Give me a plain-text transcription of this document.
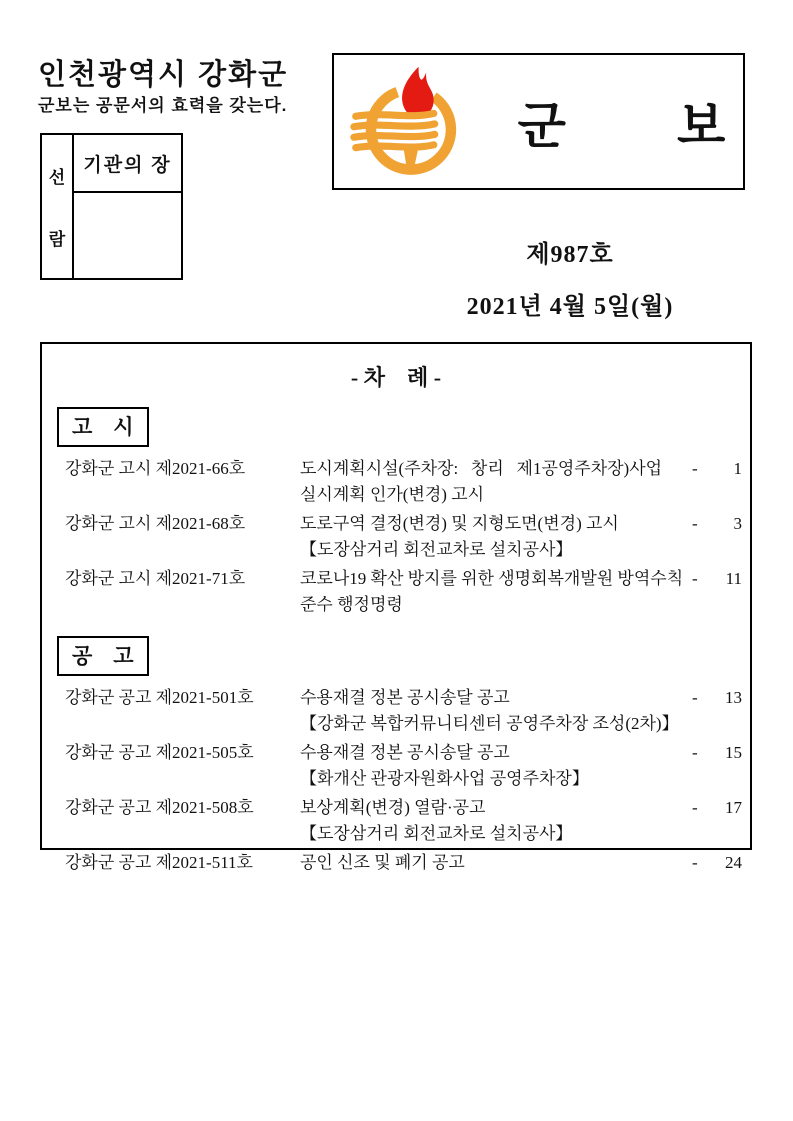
인천광역시 강화군
군보는 공문서의 효력을 갖는다.
선
람
기관의 장
군        보
제987호
2021년 4월 5일(월)
- 차    례 -
고    시
강화군 고시 제2021-66호	도시계획시설(주차장:   창리   제1공영주차장)사업
실시계획 인가(변경) 고시
- 1
강화군 고시 제2021-68호	도로구역 결정(변경) 및 지형도면(변경) 고시
【도장삼거리 회전교차로 설치공사】
- 3
강화군 고시 제2021-71호	코로나19 확산 방지를 위한 생명회복개발원 방역수칙
준수 행정명령
- 11
공    고
강화군 공고 제2021-501호	수용재결 정본 공시송달 공고
【강화군 복합커뮤니티센터 공영주차장 조성(2차)】
- 13
강화군 공고 제2021-505호	수용재결 정본 공시송달 공고
【화개산 관광자원화사업 공영주차장】
- 15
강화군 공고 제2021-508호	보상계획(변경) 열람·공고
【도장삼거리 회전교차로 설치공사】
- 17
강화군 공고 제2021-511호	공인 신조 및 폐기 공고	- 24
